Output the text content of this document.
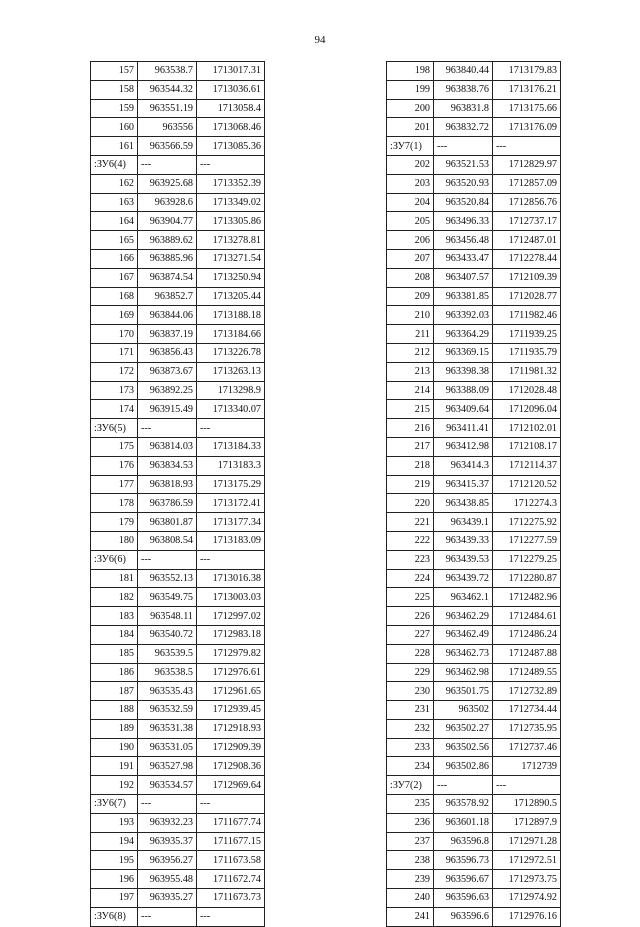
94
157	963538.7	1713017.31
158	963544.32	1713036.61
159	963551.19	1713058.4
160	963556	1713068.46
161	963566.59	1713085.36
:ЗУ6(4)	---	---
162	963925.68	1713352.39
163	963928.6	1713349.02
164	963904.77	1713305.86
165	963889.62	1713278.81
166	963885.96	1713271.54
167	963874.54	1713250.94
168	963852.7	1713205.44
169	963844.06	1713188.18
170	963837.19	1713184.66
171	963856.43	1713226.78
172	963873.67	1713263.13
173	963892.25	1713298.9
174	963915.49	1713340.07
:ЗУ6(5)	---	---
175	963814.03	1713184.33
176	963834.53	1713183.3
177	963818.93	1713175.29
178	963786.59	1713172.41
179	963801.87	1713177.34
180	963808.54	1713183.09
:ЗУ6(6)	---	---
181	963552.13	1713016.38
182	963549.75	1713003.03
183	963548.11	1712997.02
184	963540.72	1712983.18
185	963539.5	1712979.82
186	963538.5	1712976.61
187	963535.43	1712961.65
188	963532.59	1712939.45
189	963531.38	1712918.93
190	963531.05	1712909.39
191	963527.98	1712908.36
192	963534.57	1712969.64
:ЗУ6(7)	---	---
193	963932.23	1711677.74
194	963935.37	1711677.15
195	963956.27	1711673.58
196	963955.48	1711672.74
197	963935.27	1711673.73
:ЗУ6(8)	---	---
198	963840.44	1713179.83
199	963838.76	1713176.21
200	963831.8	1713175.66
201	963832.72	1713176.09
:ЗУ7(1)	---	---
202	963521.53	1712829.97
203	963520.93	1712857.09
204	963520.84	1712856.76
205	963496.33	1712737.17
206	963456.48	1712487.01
207	963433.47	1712278.44
208	963407.57	1712109.39
209	963381.85	1712028.77
210	963392.03	1711982.46
211	963364.29	1711939.25
212	963369.15	1711935.79
213	963398.38	1711981.32
214	963388.09	1712028.48
215	963409.64	1712096.04
216	963411.41	1712102.01
217	963412.98	1712108.17
218	963414.3	1712114.37
219	963415.37	1712120.52
220	963438.85	1712274.3
221	963439.1	1712275.92
222	963439.33	1712277.59
223	963439.53	1712279.25
224	963439.72	1712280.87
225	963462.1	1712482.96
226	963462.29	1712484.61
227	963462.49	1712486.24
228	963462.73	1712487.88
229	963462.98	1712489.55
230	963501.75	1712732.89
231	963502	1712734.44
232	963502.27	1712735.95
233	963502.56	1712737.46
234	963502.86	1712739
:ЗУ7(2)	---	---
235	963578.92	1712890.5
236	963601.18	1712897.9
237	963596.8	1712971.28
238	963596.73	1712972.51
239	963596.67	1712973.75
240	963596.63	1712974.92
241	963596.6	1712976.16
